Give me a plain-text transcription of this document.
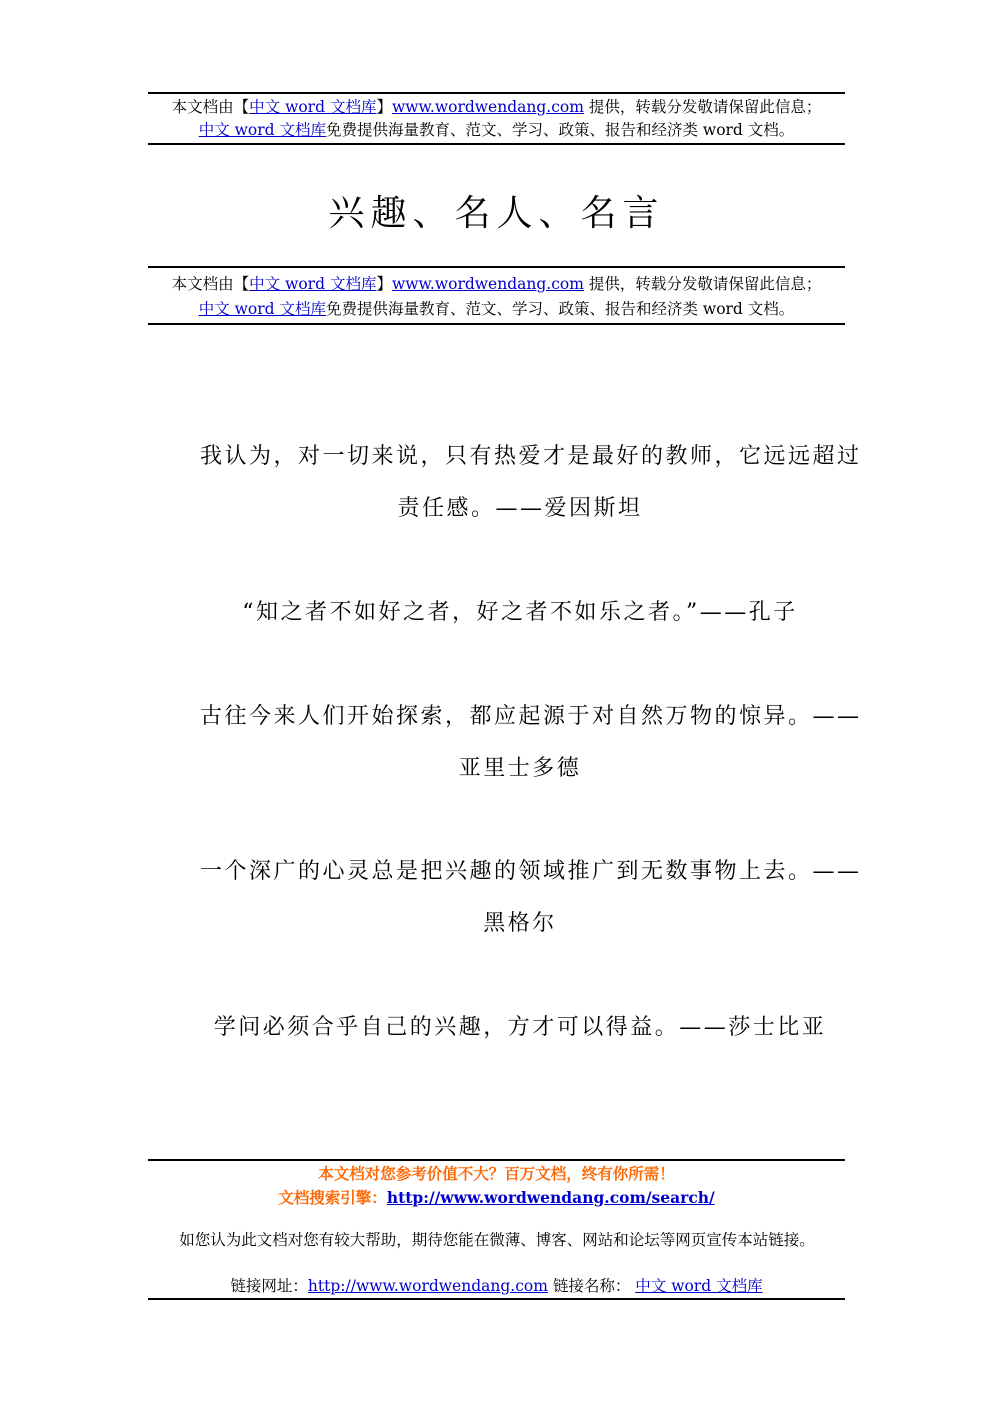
本文档由【中文 word 文档库】www.wordwendang.com 提供，转载分发敬请保留此信息；
中文 word 文档库免费提供海量教育、范文、学习、政策、报告和经济类 word 文档。
兴趣、名人、名言
本文档由【中文 word 文档库】www.wordwendang.com 提供，转载分发敬请保留此信息；
中文 word 文档库免费提供海量教育、范文、学习、政策、报告和经济类 word 文档。
我认为，对一切来说，只有热爱才是最好的教师，它远远超过
责任感。——爱因斯坦
“知之者不如好之者，好之者不如乐之者。”——孔子
古往今来人们开始探索，都应起源于对自然万物的惊异。——
亚里士多德
一个深广的心灵总是把兴趣的领域推广到无数事物上去。——
黑格尔
学问必须合乎自己的兴趣，方才可以得益。——莎士比亚
本文档对您参考价值不大？百万文档，终有你所需！
文档搜索引擎：http://www.wordwendang.com/search/
如您认为此文档对您有较大帮助，期待您能在微薄、博客、网站和论坛等网页宣传本站链接。
链接网址：http://www.wordwendang.com 链接名称： 中文 word 文档库
